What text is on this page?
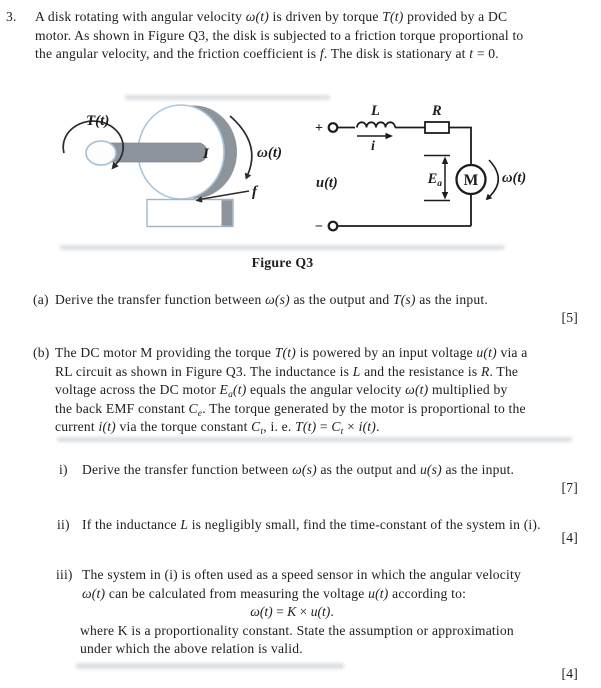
3. A disk rotating with angular velocity ω(t) is driven by torque T(t) provided by a DC
motor. As shown in Figure Q3, the disk is subjected to a friction torque proportional to
the angular velocity, and the friction coefficient is f. The disk is stationary at t = 0.
T(t)
I	ω(t)
f
+
L
i
R
M
−
u(t)	$E_a$	ω(t)
Figure Q3
(a) Derive the transfer function between ω(s) as the output and T(s) as the input.
[5]
(b) The DC motor M providing the torque T(t) is powered by an input voltage u(t) via a
RL circuit as shown in Figure Q3. The inductance is L and the resistance is R. The
voltage across the DC motor $E_a(t)$ equals the angular velocity ω(t) multiplied by
the back EMF constant $C_e$. The torque generated by the motor is proportional to the
current i(t) via the torque constant $C_t$, i. e. $T(t) = C_t \times i(t)$.
i) Derive the transfer function between ω(s) as the output and u(s) as the input.
[7]
ii) If the inductance L is negligibly small, find the time-constant of the system in (i).
[4]
iii) The system in (i) is often used as a speed sensor in which the angular velocity
ω(t) can be calculated from measuring the voltage u(t) according to:
ω(t) = K × u(t).
where K is a proportionality constant. State the assumption or approximation
under which the above relation is valid.
[4]
